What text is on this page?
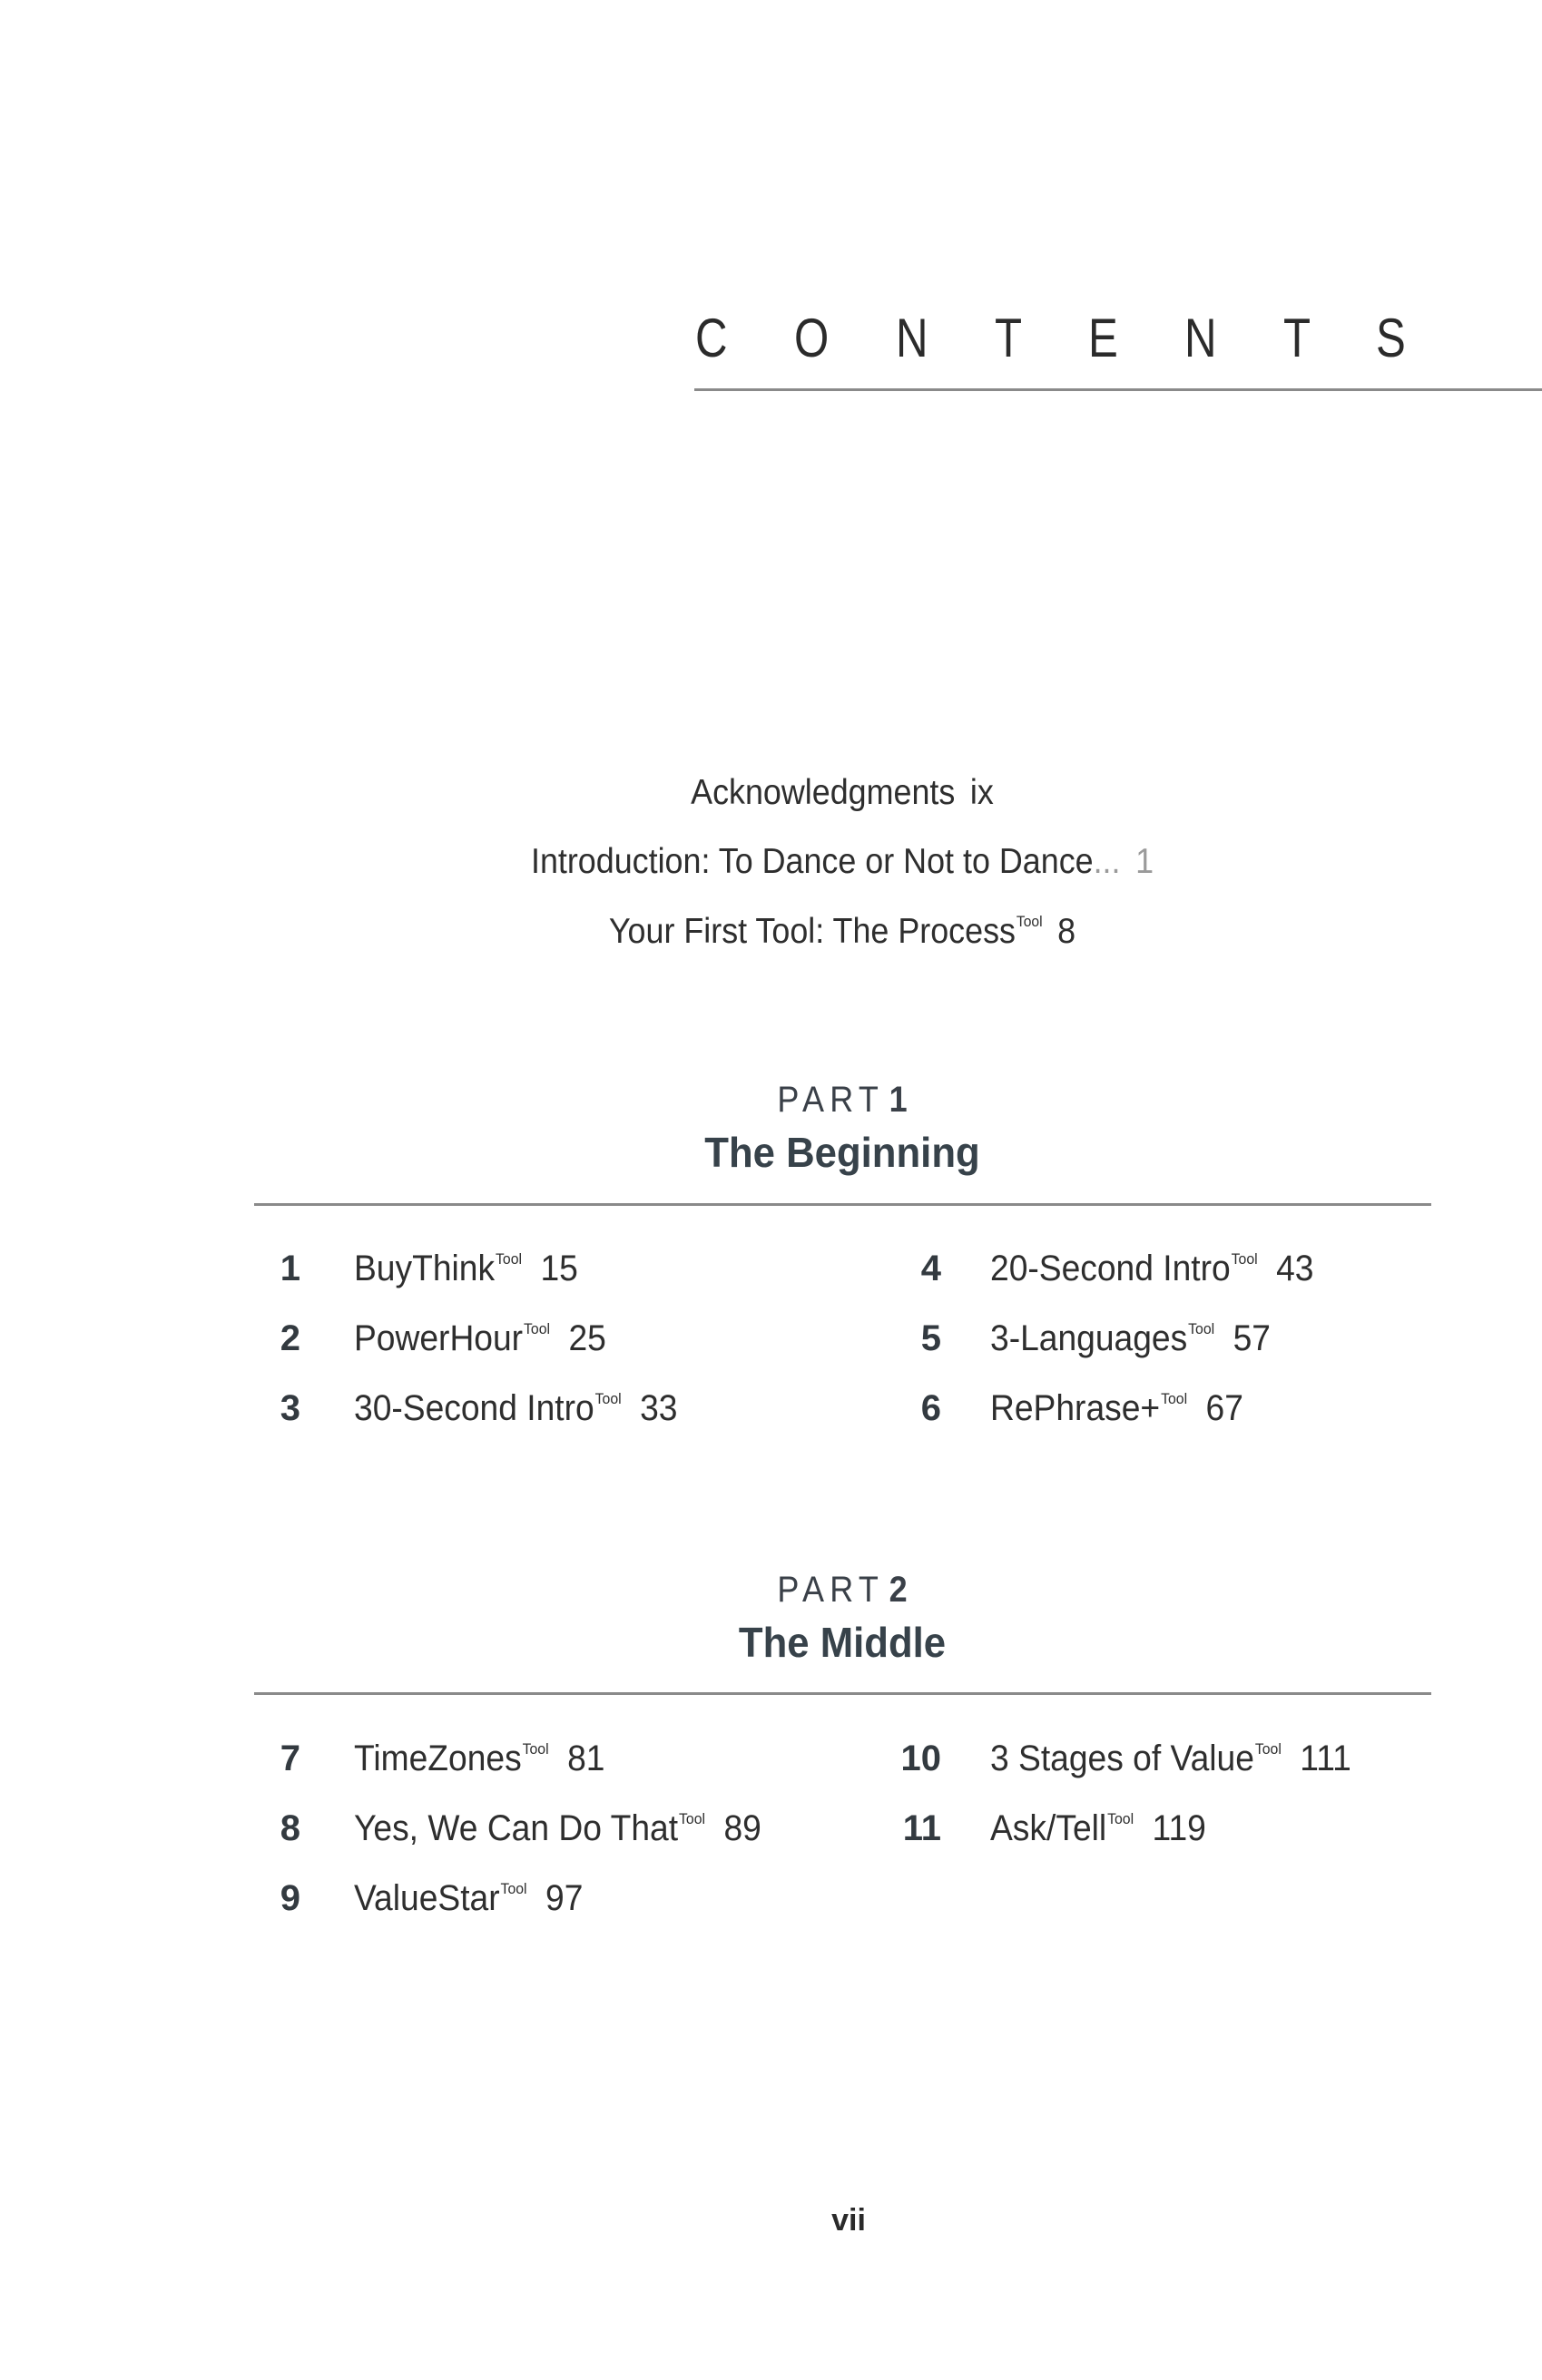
C O N T E N T S
Acknowledgments ix
Introduction: To Dance or Not to Dance... 1
Your First Tool: The Process$^{Tool}$ 8
PART 1
The Beginning
1 BuyThink$^{Tool}$ 15
2 PowerHour$^{Tool}$ 25
3 30-Second Intro$^{Tool}$ 33
4 20-Second Intro$^{Tool}$ 43
5 3-Languages$^{Tool}$ 57
6 RePhrase+$^{Tool}$ 67
PART 2
The Middle
7 TimeZones$^{Tool}$ 81
8 Yes, We Can Do That$^{Tool}$ 89
9 ValueStar$^{Tool}$ 97
10 3 Stages of Value$^{Tool}$ 111
11 Ask/Tell$^{Tool}$ 119
vii
